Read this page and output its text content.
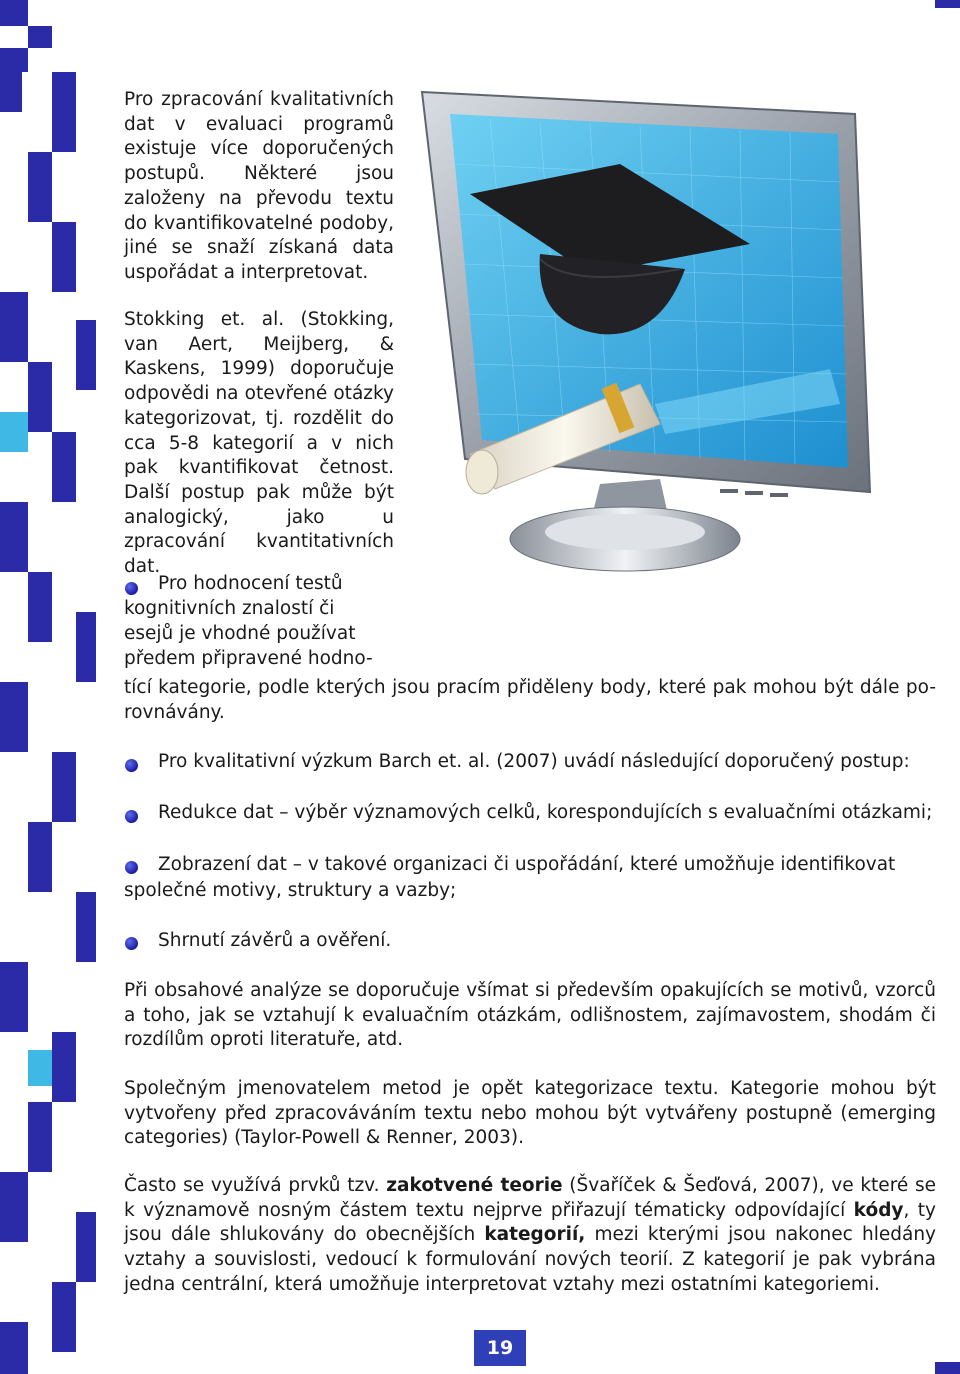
Pro zpracování kvalitativních dat v evaluaci programů existuje více doporučených postupů. Některé jsou založeny na převodu textu do kvantifikovatelné podoby, jiné se snaží získaná data uspořádat a interpretovat.

Stokking et. al. (Stokking, van Aert, Meijberg, & Kaskens, 1999) doporučuje odpovědi na otevřené otázky kategorizovat, tj. rozdělit do cca 5-8 kategorií a v nich pak kvantifikovat četnost. Další postup pak může být analogický, jako u zpracování kvantitativních dat.

Pro hodnocení testů
kognitivních znalostí či
esejů je vhodné používat
předem připravené hodno-
tící kategorie, podle kterých jsou pracím přiděleny body, které pak mohou být dále po-
rovnávány.
Pro kvalitativní výzkum Barch et. al. (2007) uvádí následující doporučený postup:
Redukce dat – výběr významových celků, korespondujících s evaluačními otázkami;
Zobrazení dat – v takové organizaci či uspořádání, které umožňuje identifikovat
společné motivy, struktury a vazby;
Shrnutí závěrů a ověření.

Při obsahové analýze se doporučuje všímat si především opakujících se motivů, vzorců a toho, jak se vztahují k evaluačním otázkám, odlišnostem, zajímavostem, shodám či rozdílům oproti literatuře, atd.

Společným jmenovatelem metod je opět kategorizace textu. Kategorie mohou být vytvořeny před zpracováváním textu nebo mohou být vytvářeny postupně (emerging categories) (Taylor-Powell & Renner, 2003).

Často se využívá prvků tzv. zakotvené teorie (Švaříček & Šeďová, 2007), ve které se k významově nosným částem textu nejprve přiřazují tématicky odpovídající kódy, ty jsou dále shlukovány do obecnějších kategorií, mezi kterými jsou nakonec hledány vztahy a souvislosti, vedoucí k formulování nových teorií. Z kategorií je pak vybrána jedna centrální, která umožňuje interpretovat vztahy mezi ostatními kategoriemi.

19
